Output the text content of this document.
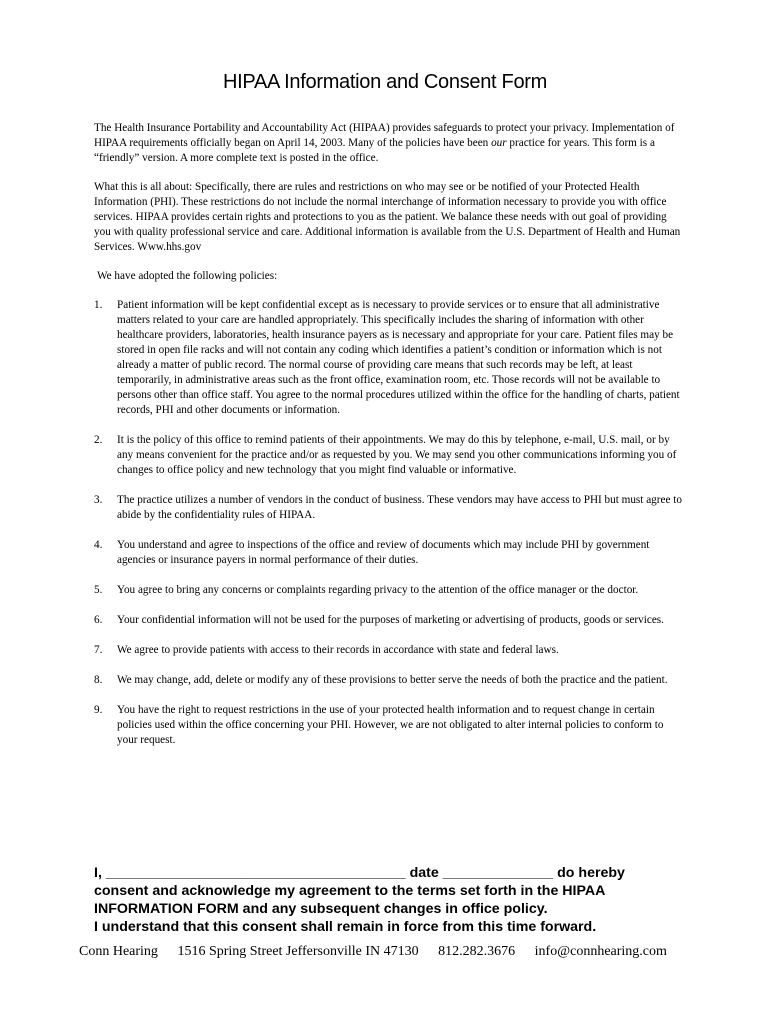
HIPAA Information and Consent Form

The Health Insurance Portability and Accountability Act (HIPAA) provides safeguards to protect your privacy. Implementation of HIPAA requirements officially began on April 14, 2003. Many of the policies have been our practice for years. This form is a “friendly” version. A more complete text is posted in the office.

What this is all about: Specifically, there are rules and restrictions on who may see or be notified of your Protected Health Information (PHI). These restrictions do not include the normal interchange of information necessary to provide you with office services. HIPAA provides certain rights and protections to you as the patient. We balance these needs with out goal of providing you with quality professional service and care. Additional information is available from the U.S. Department of Health and Human Services. Www.hhs.gov

We have adopted the following policies:

1. Patient information will be kept confidential except as is necessary to provide services or to ensure that all administrative matters related to your care are handled appropriately. This specifically includes the sharing of information with other healthcare providers, laboratories, health insurance payers as is necessary and appropriate for your care. Patient files may be stored in open file racks and will not contain any coding which identifies a patient’s condition or information which is not already a matter of public record. The normal course of providing care means that such records may be left, at least temporarily, in administrative areas such as the front office, examination room, etc. Those records will not be available to persons other than office staff. You agree to the normal procedures utilized within the office for the handling of charts, patient records, PHI and other documents or information.
2. It is the policy of this office to remind patients of their appointments. We may do this by telephone, e-mail, U.S. mail, or by any means convenient for the practice and/or as requested by you. We may send you other communications informing you of changes to office policy and new technology that you might find valuable or informative.
3. The practice utilizes a number of vendors in the conduct of business. These vendors may have access to PHI but must agree to abide by the confidentiality rules of HIPAA.
4. You understand and agree to inspections of the office and review of documents which may include PHI by government agencies or insurance payers in normal performance of their duties.
5. You agree to bring any concerns or complaints regarding privacy to the attention of the office manager or the doctor.
6. Your confidential information will not be used for the purposes of marketing or advertising of products, goods or services.
7. We agree to provide patients with access to their records in accordance with state and federal laws.
8. We may change, add, delete or modify any of these provisions to better serve the needs of both the practice and the patient.
9. You have the right to request restrictions in the use of your protected health information and to request change in certain policies used within the office concerning your PHI. However, we are not obligated to alter internal policies to conform to your request.

I, ______________________________________ date ______________ do hereby

consent and acknowledge my agreement to the terms set forth in the HIPAA

INFORMATION FORM and any subsequent changes in office policy.

I understand that this consent shall remain in force from this time forward.

Conn Hearing 1516 Spring Street Jeffersonville IN 47130 812.282.3676 info@connhearing.com
